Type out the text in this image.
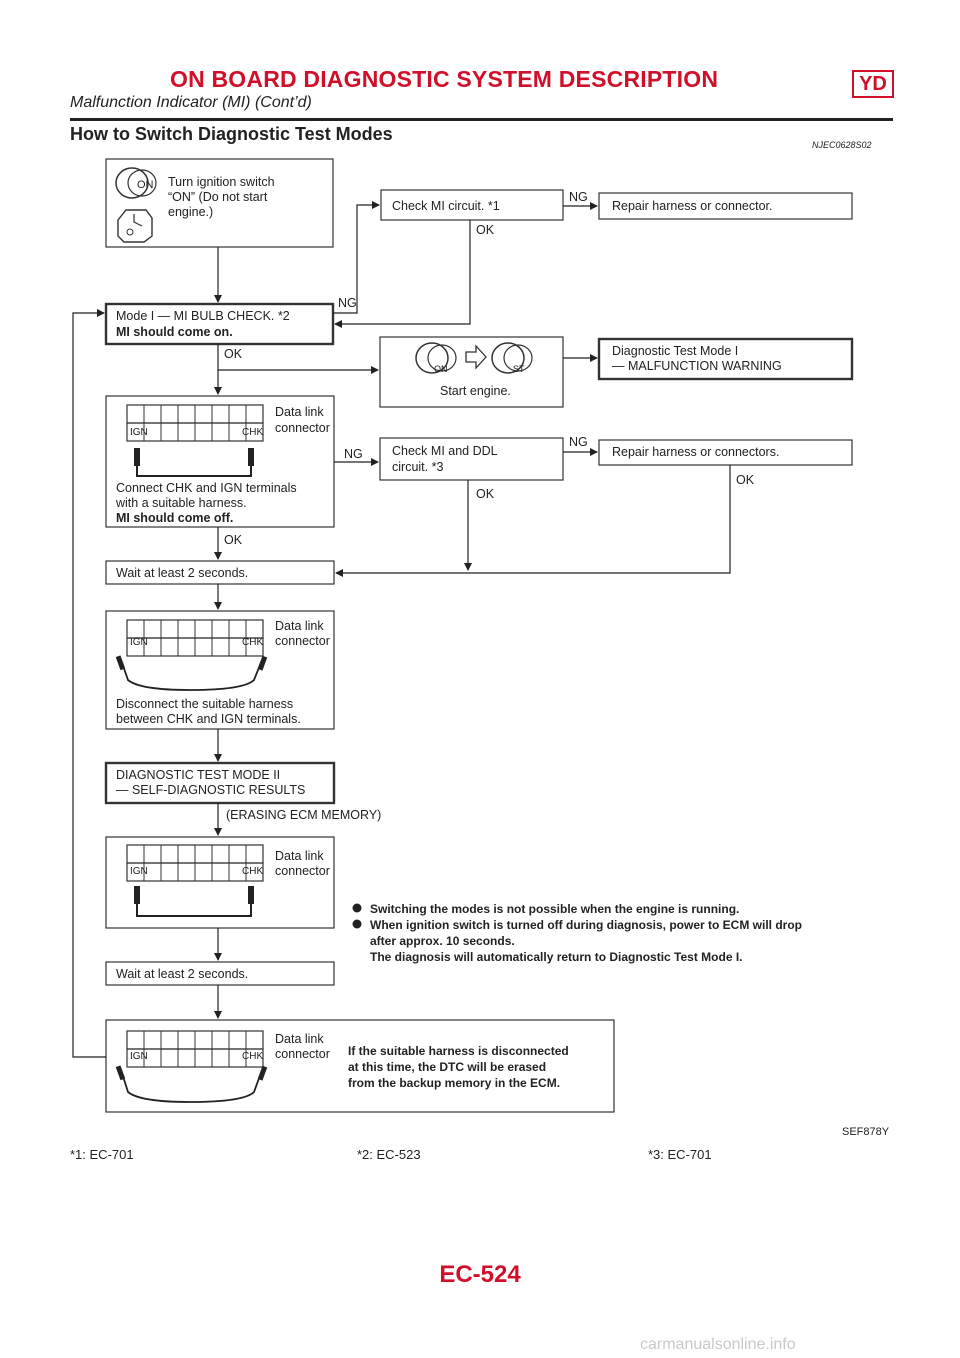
ON BOARD DIAGNOSTIC SYSTEM DESCRIPTION	YD
Malfunction Indicator (MI) (Cont’d)
How to Switch Diagnostic Test Modes
NJEC0628S02
ON
ON	ST
IGN	CHK
IGN	CHK
IGN	CHK
IGN	CHK
Turn ignition switch
“ON” (Do not start
engine.)	Check MI circuit. *1	Repair harness or connector.
Mode I — MI BULB CHECK. *2
MI should come on.
Start engine.
Diagnostic Test Mode I
— MALFUNCTION WARNING
Data link
connector
Connect CHK and IGN terminals
with a suitable harness.
MI should come off.
Check MI and DDL
circuit. *3
Repair harness or connectors.
Wait at least 2 seconds.
Data link
connector
Disconnect the suitable harness
between CHK and IGN terminals.
DIAGNOSTIC TEST MODE II
— SELF-DIAGNOSTIC RESULTS
(ERASING ECM MEMORY)
Data link
connector
Wait at least 2 seconds.
Data link
connector If the suitable harness is disconnected
at this time, the DTC will be erased
from the backup memory in the ECM.
OK
NG
NG
OK
NG
NG
OK
OK
OK
Switching the modes is not possible when the engine is running.
When ignition switch is turned off during diagnosis, power to ECM will drop
after approx. 10 seconds.
The diagnosis will automatically return to Diagnostic Test Mode I.
SEF878Y
*1: EC-701	*2: EC-523	*3: EC-701
EC-524
carmanualsonline.info
